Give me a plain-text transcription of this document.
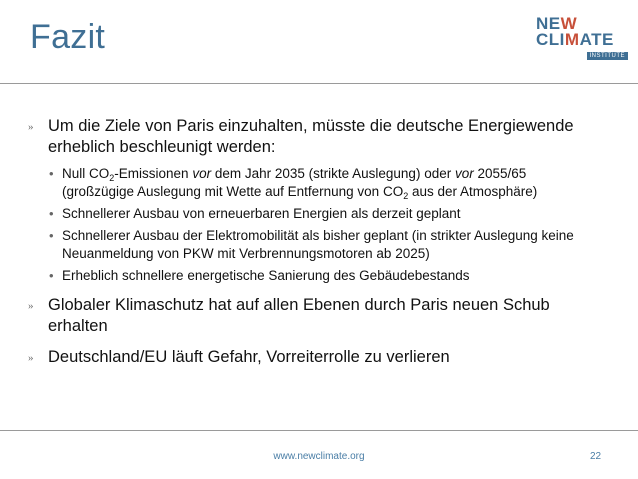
Fazit	NEW
CLIMATE
INSTITUTE
» Um die Ziele von Paris einzuhalten, müsste die deutsche Energiewende erheblich beschleunigt werden:
• Null $CO_2$-Emissionen vor dem Jahr 2035 (strikte Auslegung) oder vor 2055/65 (großzügige Auslegung mit Wette auf Entfernung von $CO_2$ aus der Atmosphäre)
• Schnellerer Ausbau von erneuerbaren Energien als derzeit geplant
• Schnellerer Ausbau der Elektromobilität als bisher geplant (in strikter Auslegung keine Neuanmeldung von PKW mit Verbrennungsmotoren ab 2025)
• Erheblich schnellere energetische Sanierung des Gebäudebestands
» Globaler Klimaschutz hat auf allen Ebenen durch Paris neuen Schub erhalten
» Deutschland/EU läuft Gefahr, Vorreiterrolle zu verlieren
www.newclimate.org	22
